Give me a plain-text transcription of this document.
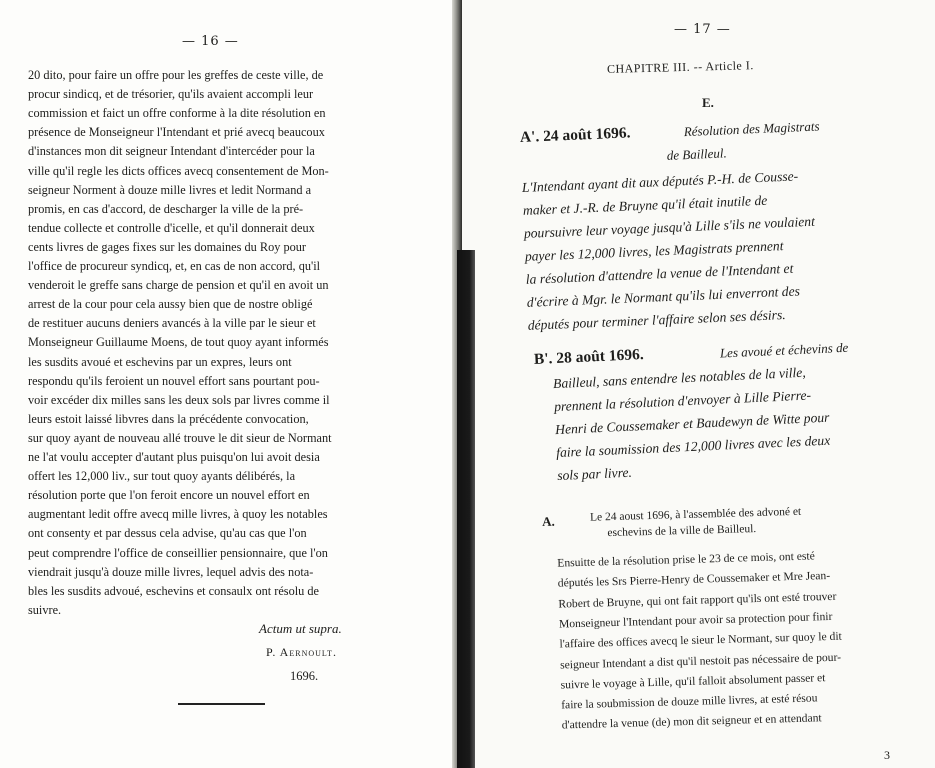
— 16 —
20 dito, pour faire un offre pour les greffes de ceste ville, de
procur sindicq, et de trésorier, qu'ils avaient accompli leur
commission et faict un offre conforme à la dite résolution en
présence de Monseigneur l'Intendant et prié avecq beaucoux
d'instances mon dit seigneur Intendant d'intercéder pour la
ville qu'il regle les dicts offices avecq consentement de Mon-
seigneur Norment à douze mille livres et ledit Normand a
promis, en cas d'accord, de descharger la ville de la pré-
tendue collecte et controlle d'icelle, et qu'il donnerait deux
cents livres de gages fixes sur les domaines du Roy pour
l'office de procureur syndicq, et, en cas de non accord, qu'il
venderoit le greffe sans charge de pension et qu'il en avoit un
arrest de la cour pour cela aussy bien que de nostre obligé
de restituer aucuns deniers avancés à la ville par le sieur et
Monseigneur Guillaume Moens, de tout quoy ayant informés
les susdits avoué et eschevins par un expres, leurs ont
respondu qu'ils feroient un nouvel effort sans pourtant pou-
voir excéder dix milles sans les deux sols par livres comme il
leurs estoit laissé libvres dans la précédente convocation,
sur quoy ayant de nouveau allé trouve le dit sieur de Normant
ne l'at voulu accepter d'autant plus puisqu'on lui avoit desia
offert les 12,000 liv., sur tout quoy ayants délibérés, la
résolution porte que l'on feroit encore un nouvel effort en
augmentant ledit offre avecq mille livres, à quoy les notables
ont consenty et par dessus cela advise, qu'au cas que l'on
peut comprendre l'office de conseillier pensionnaire, que l'on
viendrait jusqu'à douze mille livres, lequel advis des nota-
bles les susdits advoué, eschevins et consaulx ont résolu de
suivre.
Actum ut supra.
P. Aernoult.
1696.
— 17 —
CHAPITRE III. -- Article I.
E.
A'. 24 août 1696.	Résolution des Magistrats
de Bailleul.
L'Intendant ayant dit aux députés P.-H. de Cousse-
maker et J.-R. de Bruyne qu'il était inutile de
poursuivre leur voyage jusqu'à Lille s'ils ne voulaient
payer les 12,000 livres, les Magistrats prennent
la résolution d'attendre la venue de l'Intendant et
d'écrire à Mgr. le Normant qu'ils lui enverront des
députés pour terminer l'affaire selon ses désirs.
B'. 28 août 1696.	Les avoué et échevins de
Bailleul, sans entendre les notables de la ville,
prennent la résolution d'envoyer à Lille Pierre-
Henri de Coussemaker et Baudewyn de Witte pour
faire la soumission des 12,000 livres avec les deux
sols par livre.
A.	Le 24 aoust 1696, à l'assemblée des advoné et
eschevins de la ville de Bailleul.
Ensuitte de la résolution prise le 23 de ce mois, ont esté
députés les Srs Pierre-Henry de Coussemaker et Mre Jean-
Robert de Bruyne, qui ont fait rapport qu'ils ont esté trouver
Monseigneur l'Intendant pour avoir sa protection pour finir
l'affaire des offices avecq le sieur le Normant, sur quoy le dit
seigneur Intendant a dist qu'il nestoit pas nécessaire de pour-
suivre le voyage à Lille, qu'il falloit absolument passer et
faire la soubmission de douze mille livres, at esté résou
d'attendre la venue (de) mon dit seigneur et en attendant
3
